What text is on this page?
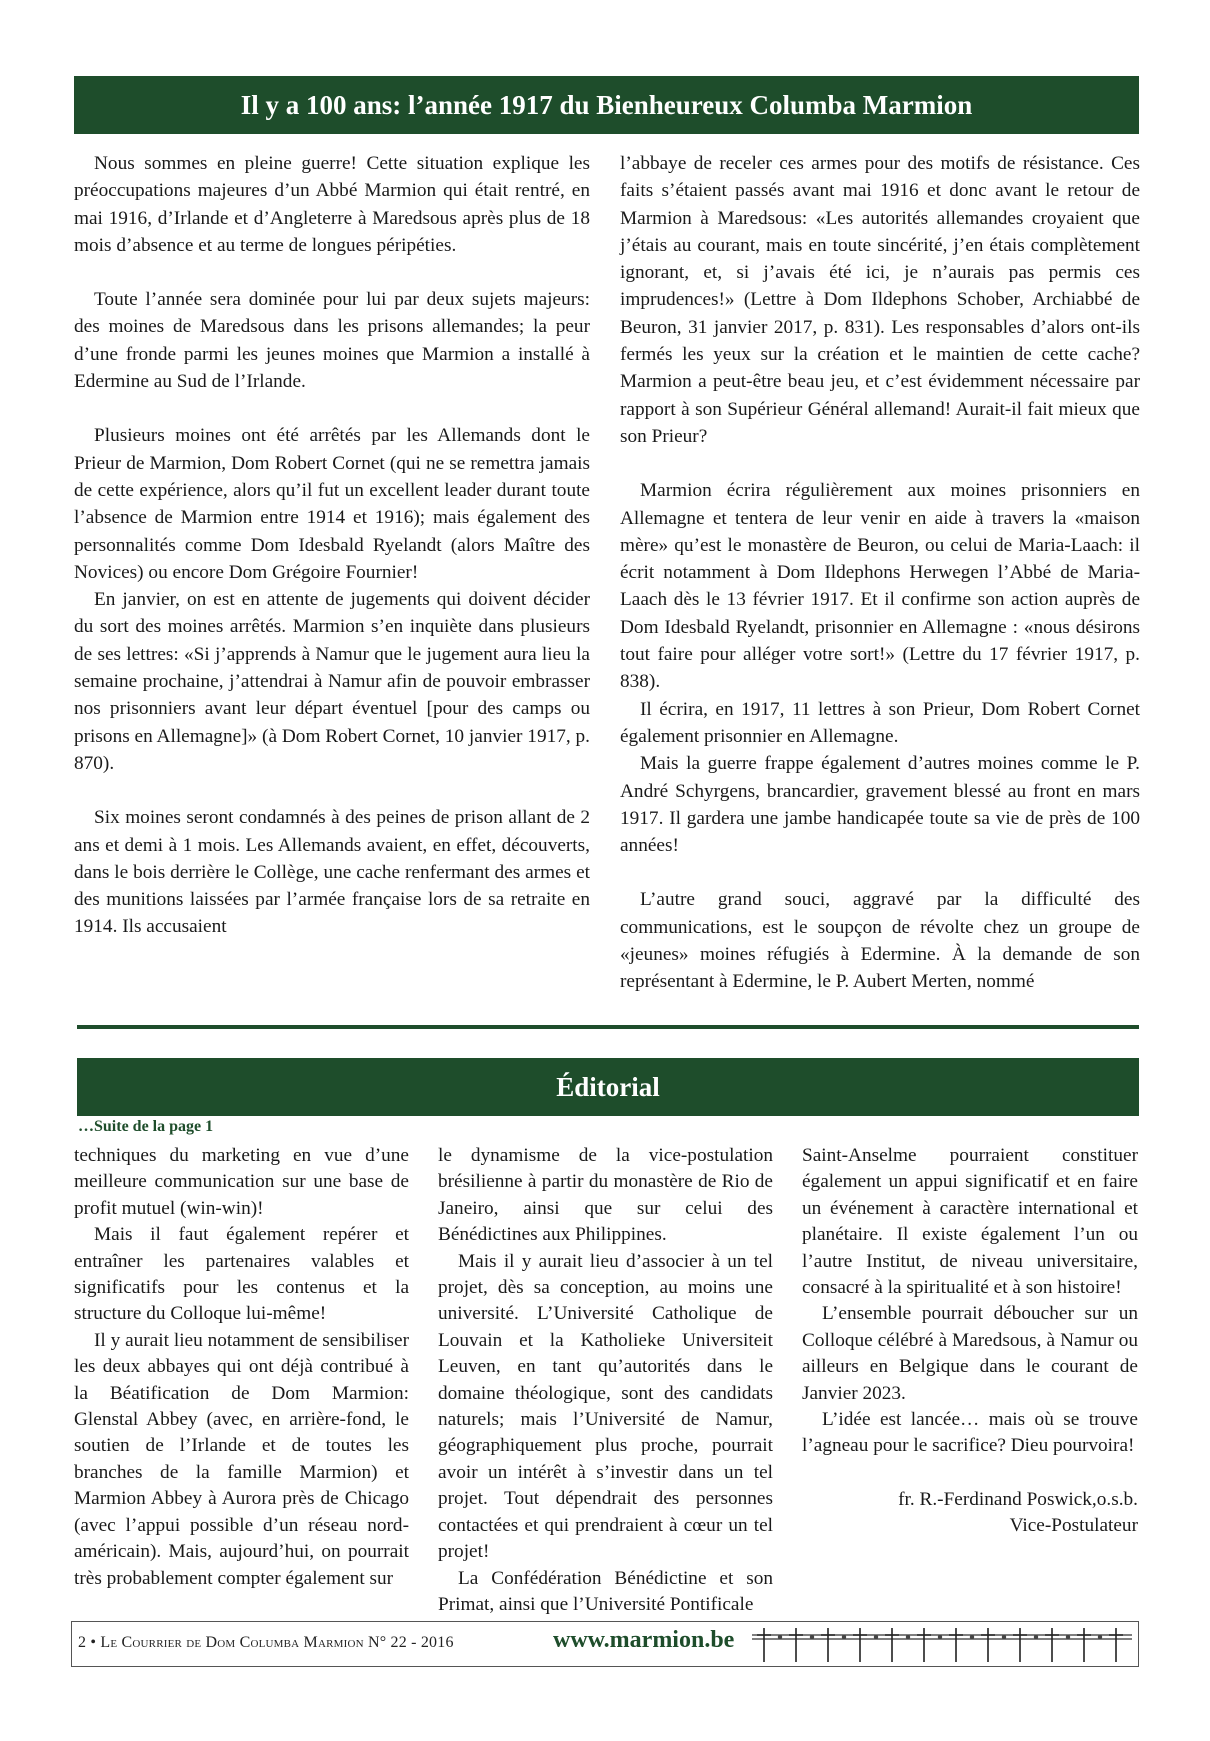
Il y a 100 ans: l’année 1917 du Bienheureux Columba Marmion

Nous sommes en pleine guerre! Cette situation explique les préoccupations majeures d’un Abbé Marmion qui était rentré, en mai 1916, d’Irlande et d’Angleterre à Maredsous après plus de 18 mois d’absence et au terme de longues péripéties.

Toute l’année sera dominée pour lui par deux sujets majeurs: des moines de Maredsous dans les prisons allemandes; la peur d’une fronde parmi les jeunes moines que Marmion a installé à Edermine au Sud de l’Irlande.

Plusieurs moines ont été arrêtés par les Allemands dont le Prieur de Marmion, Dom Robert Cornet (qui ne se remettra jamais de cette expérience, alors qu’il fut un excellent leader durant toute l’absence de Marmion entre 1914 et 1916); mais également des personnalités comme Dom Idesbald Ryelandt (alors Maître des Novices) ou encore Dom Grégoire Fournier!

En janvier, on est en attente de jugements qui doivent décider du sort des moines arrêtés. Marmion s’en inquiète dans plusieurs de ses lettres: «Si j’apprends à Namur que le jugement aura lieu la semaine prochaine, j’attendrai à Namur afin de pouvoir embrasser nos prisonniers avant leur départ éventuel [pour des camps ou prisons en Allemagne]» (à Dom Robert Cornet, 10 janvier 1917, p. 870).

Six moines seront condamnés à des peines de prison allant de 2 ans et demi à 1 mois. Les Allemands avaient, en effet, découverts, dans le bois derrière le Collège, une cache renfermant des armes et des munitions laissées par l’armée française lors de sa retraite en 1914. Ils accusaient

l’abbaye de receler ces armes pour des motifs de résistance. Ces faits s’étaient passés avant mai 1916 et donc avant le retour de Marmion à Maredsous: «Les autorités allemandes croyaient que j’étais au courant, mais en toute sincérité, j’en étais complètement ignorant, et, si j’avais été ici, je n’aurais pas permis ces imprudences!» (Lettre à Dom Ildephons Schober, Archiabbé de Beuron, 31 janvier 2017, p. 831). Les responsables d’alors ont-ils fermés les yeux sur la création et le maintien de cette cache? Marmion a peut-être beau jeu, et c’est évidemment nécessaire par rapport à son Supérieur Général allemand! Aurait-il fait mieux que son Prieur?

Marmion écrira régulièrement aux moines prisonniers en Allemagne et tentera de leur venir en aide à travers la «maison mère» qu’est le monastère de Beuron, ou celui de Maria-Laach: il écrit notamment à Dom Ildephons Herwegen l’Abbé de Maria-Laach dès le 13 février 1917. Et il confirme son action auprès de Dom Idesbald Ryelandt, prisonnier en Allemagne : «nous désirons tout faire pour alléger votre sort!» (Lettre du 17 février 1917, p. 838).

Il écrira, en 1917, 11 lettres à son Prieur, Dom Robert Cornet également prisonnier en Allemagne.

Mais la guerre frappe également d’autres moines comme le P. André Schyrgens, brancardier, gravement blessé au front en mars 1917. Il gardera une jambe handicapée toute sa vie de près de 100 années!

L’autre grand souci, aggravé par la difficulté des communications, est le soupçon de révolte chez un groupe de «jeunes» moines réfugiés à Edermine. À la demande de son représentant à Edermine, le P. Aubert Merten, nommé

Éditorial
…Suite de la page 1

techniques du marketing en vue d’une meilleure communication sur une base de profit mutuel (win-win)!

Mais il faut également repérer et entraîner les partenaires valables et significatifs pour les contenus et la structure du Colloque lui-même!

Il y aurait lieu notamment de sensibiliser les deux abbayes qui ont déjà contribué à la Béatification de Dom Marmion: Glenstal Abbey (avec, en arrière-fond, le soutien de l’Irlande et de toutes les branches de la famille Marmion) et Marmion Abbey à Aurora près de Chicago (avec l’appui possible d’un réseau nord-américain). Mais, aujourd’hui, on pourrait très probablement compter également sur

le dynamisme de la vice-postulation brésilienne à partir du monastère de Rio de Janeiro, ainsi que sur celui des Bénédictines aux Philippines.

Mais il y aurait lieu d’associer à un tel projet, dès sa conception, au moins une université. L’Université Catholique de Louvain et la Katholieke Universiteit Leuven, en tant qu’autorités dans le domaine théologique, sont des candidats naturels; mais l’Université de Namur, géographiquement plus proche, pourrait avoir un intérêt à s’investir dans un tel projet. Tout dépendrait des personnes contactées et qui prendraient à cœur un tel projet!

La Confédération Bénédictine et son Primat, ainsi que l’Université Pontificale

Saint-Anselme pourraient constituer également un appui significatif et en faire un événement à caractère international et planétaire. Il existe également l’un ou l’autre Institut, de niveau universitaire, consacré à la spiritualité et à son histoire!

L’ensemble pourrait déboucher sur un Colloque célébré à Maredsous, à Namur ou ailleurs en Belgique dans le courant de Janvier 2023.

L’idée est lancée… mais où se trouve l’agneau pour le sacrifice? Dieu pourvoira!

fr. R.-Ferdinand Poswick,o.s.b.

Vice-Postulateur

2 • Le Courrier de Dom Columba Marmion N° 22 - 2016	www.marmion.be
